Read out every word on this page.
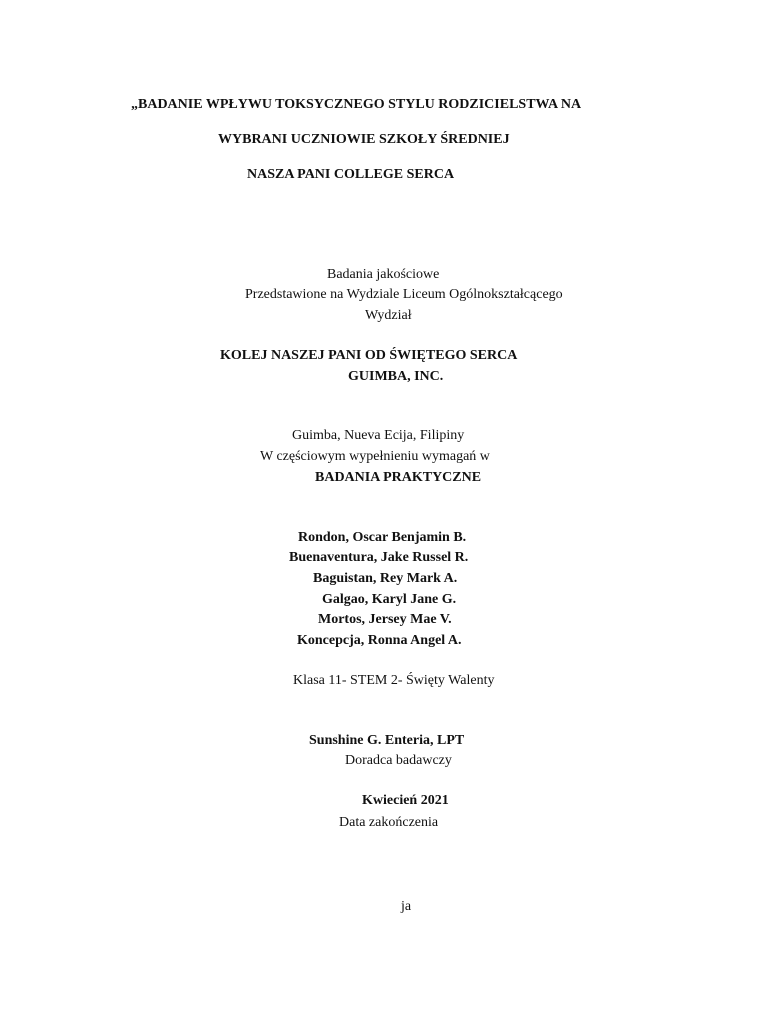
„BADANIE WPŁYWU TOKSYCZNEGO STYLU RODZICIELSTWA NA
WYBRANI UCZNIOWIE SZKOŁY ŚREDNIEJ
NASZA PANI COLLEGE SERCA
Badania jakościowe
Przedstawione na Wydziale Liceum Ogólnokształcącego
Wydział
KOLEJ NASZEJ PANI OD ŚWIĘTEGO SERCA
GUIMBA, INC.
Guimba, Nueva Ecija, Filipiny
W częściowym wypełnieniu wymagań w
BADANIA PRAKTYCZNE
Rondon, Oscar Benjamin B.
Buenaventura, Jake Russel R.
Baguistan, Rey Mark A.
Galgao, Karyl Jane G.
Mortos, Jersey Mae V.
Koncepcja, Ronna Angel A.
Klasa 11- STEM 2- Święty Walenty
Sunshine G. Enteria, LPT
Doradca badawczy
Kwiecień 2021
Data zakończenia
ja
